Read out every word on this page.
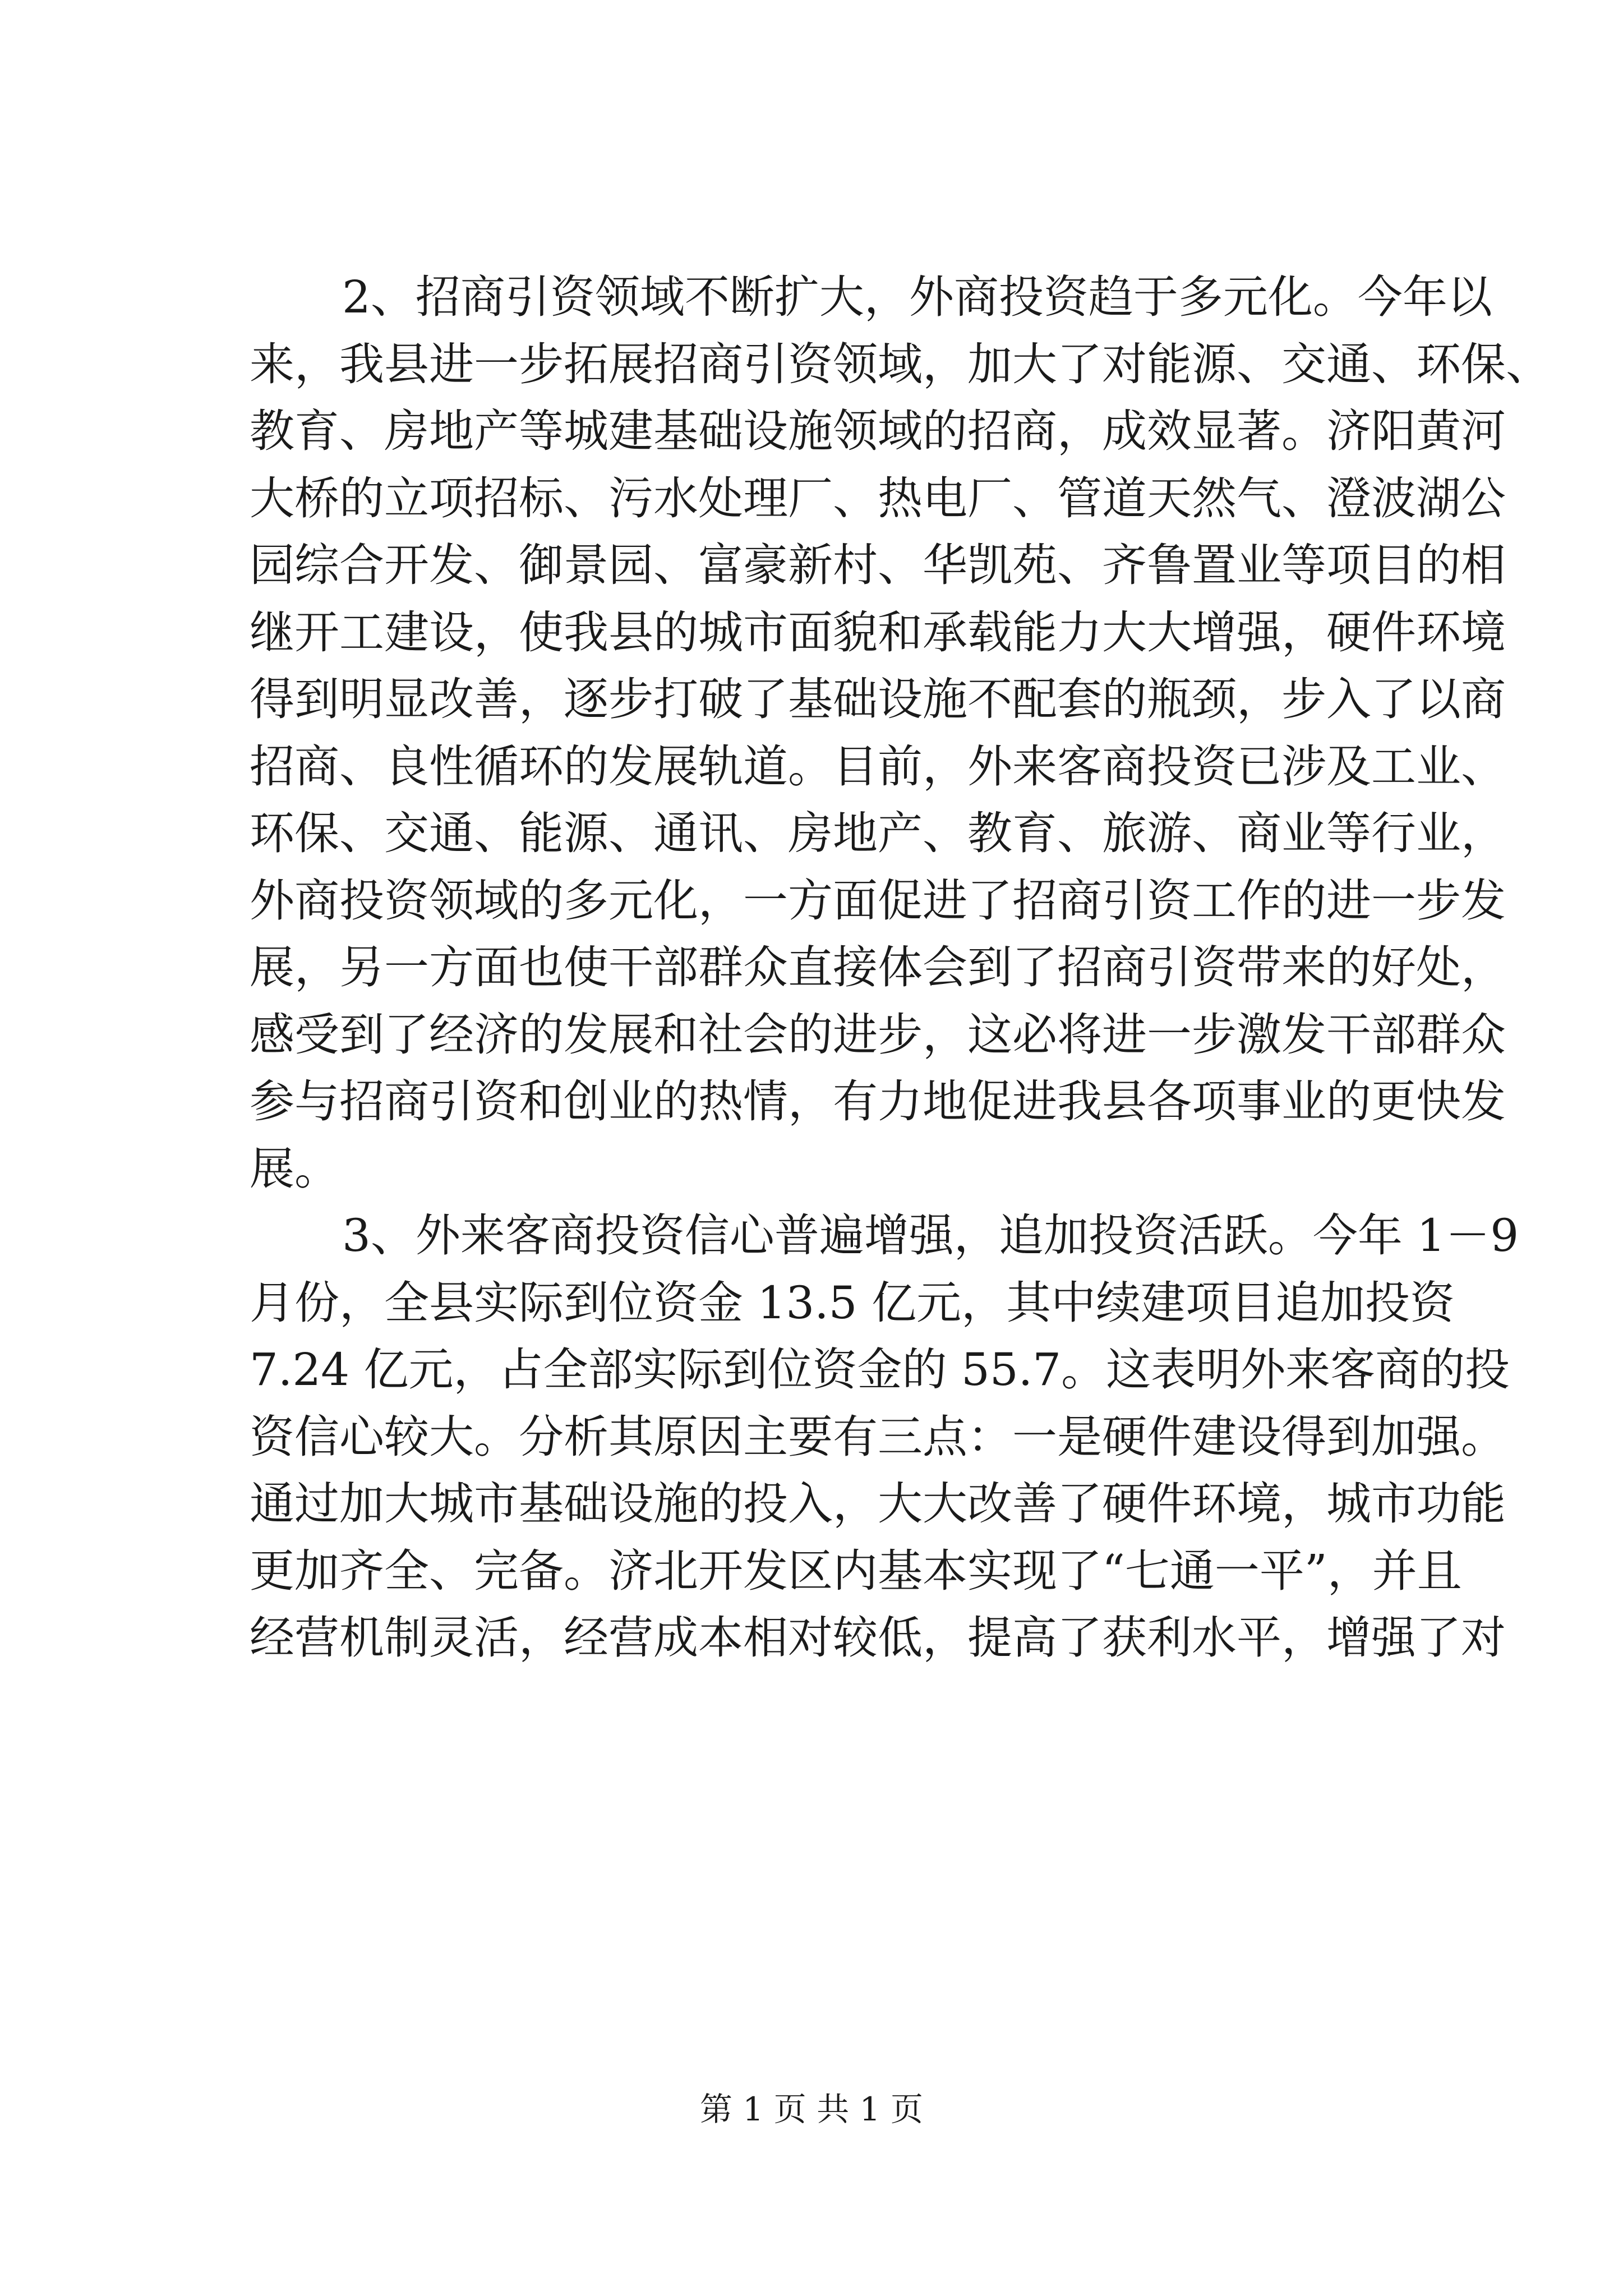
2、招商引资领域不断扩大，外商投资趋于多元化。今年以
来，我县进一步拓展招商引资领域，加大了对能源、交通、环保、
教育、房地产等城建基础设施领域的招商，成效显著。济阳黄河
大桥的立项招标、污水处理厂、热电厂、管道天然气、澄波湖公
园综合开发、御景园、富豪新村、华凯苑、齐鲁置业等项目的相
继开工建设，使我县的城市面貌和承载能力大大增强，硬件环境
得到明显改善，逐步打破了基础设施不配套的瓶颈，步入了以商
招商、良性循环的发展轨道。目前，外来客商投资已涉及工业、
环保、交通、能源、通讯、房地产、教育、旅游、商业等行业，
外商投资领域的多元化，一方面促进了招商引资工作的进一步发
展，另一方面也使干部群众直接体会到了招商引资带来的好处，
感受到了经济的发展和社会的进步，这必将进一步激发干部群众
参与招商引资和创业的热情，有力地促进我县各项事业的更快发
展。
3、外来客商投资信心普遍增强，追加投资活跃。今年 1－9
月份，全县实际到位资金 13.5 亿元，其中续建项目追加投资
7.24 亿元，占全部实际到位资金的 55.7。这表明外来客商的投
资信心较大。分析其原因主要有三点：一是硬件建设得到加强。
通过加大城市基础设施的投入，大大改善了硬件环境，城市功能
更加齐全、完备。济北开发区内基本实现了“七通一平”，并且
经营机制灵活，经营成本相对较低，提高了获利水平，增强了对
第 1 页 共 1 页
